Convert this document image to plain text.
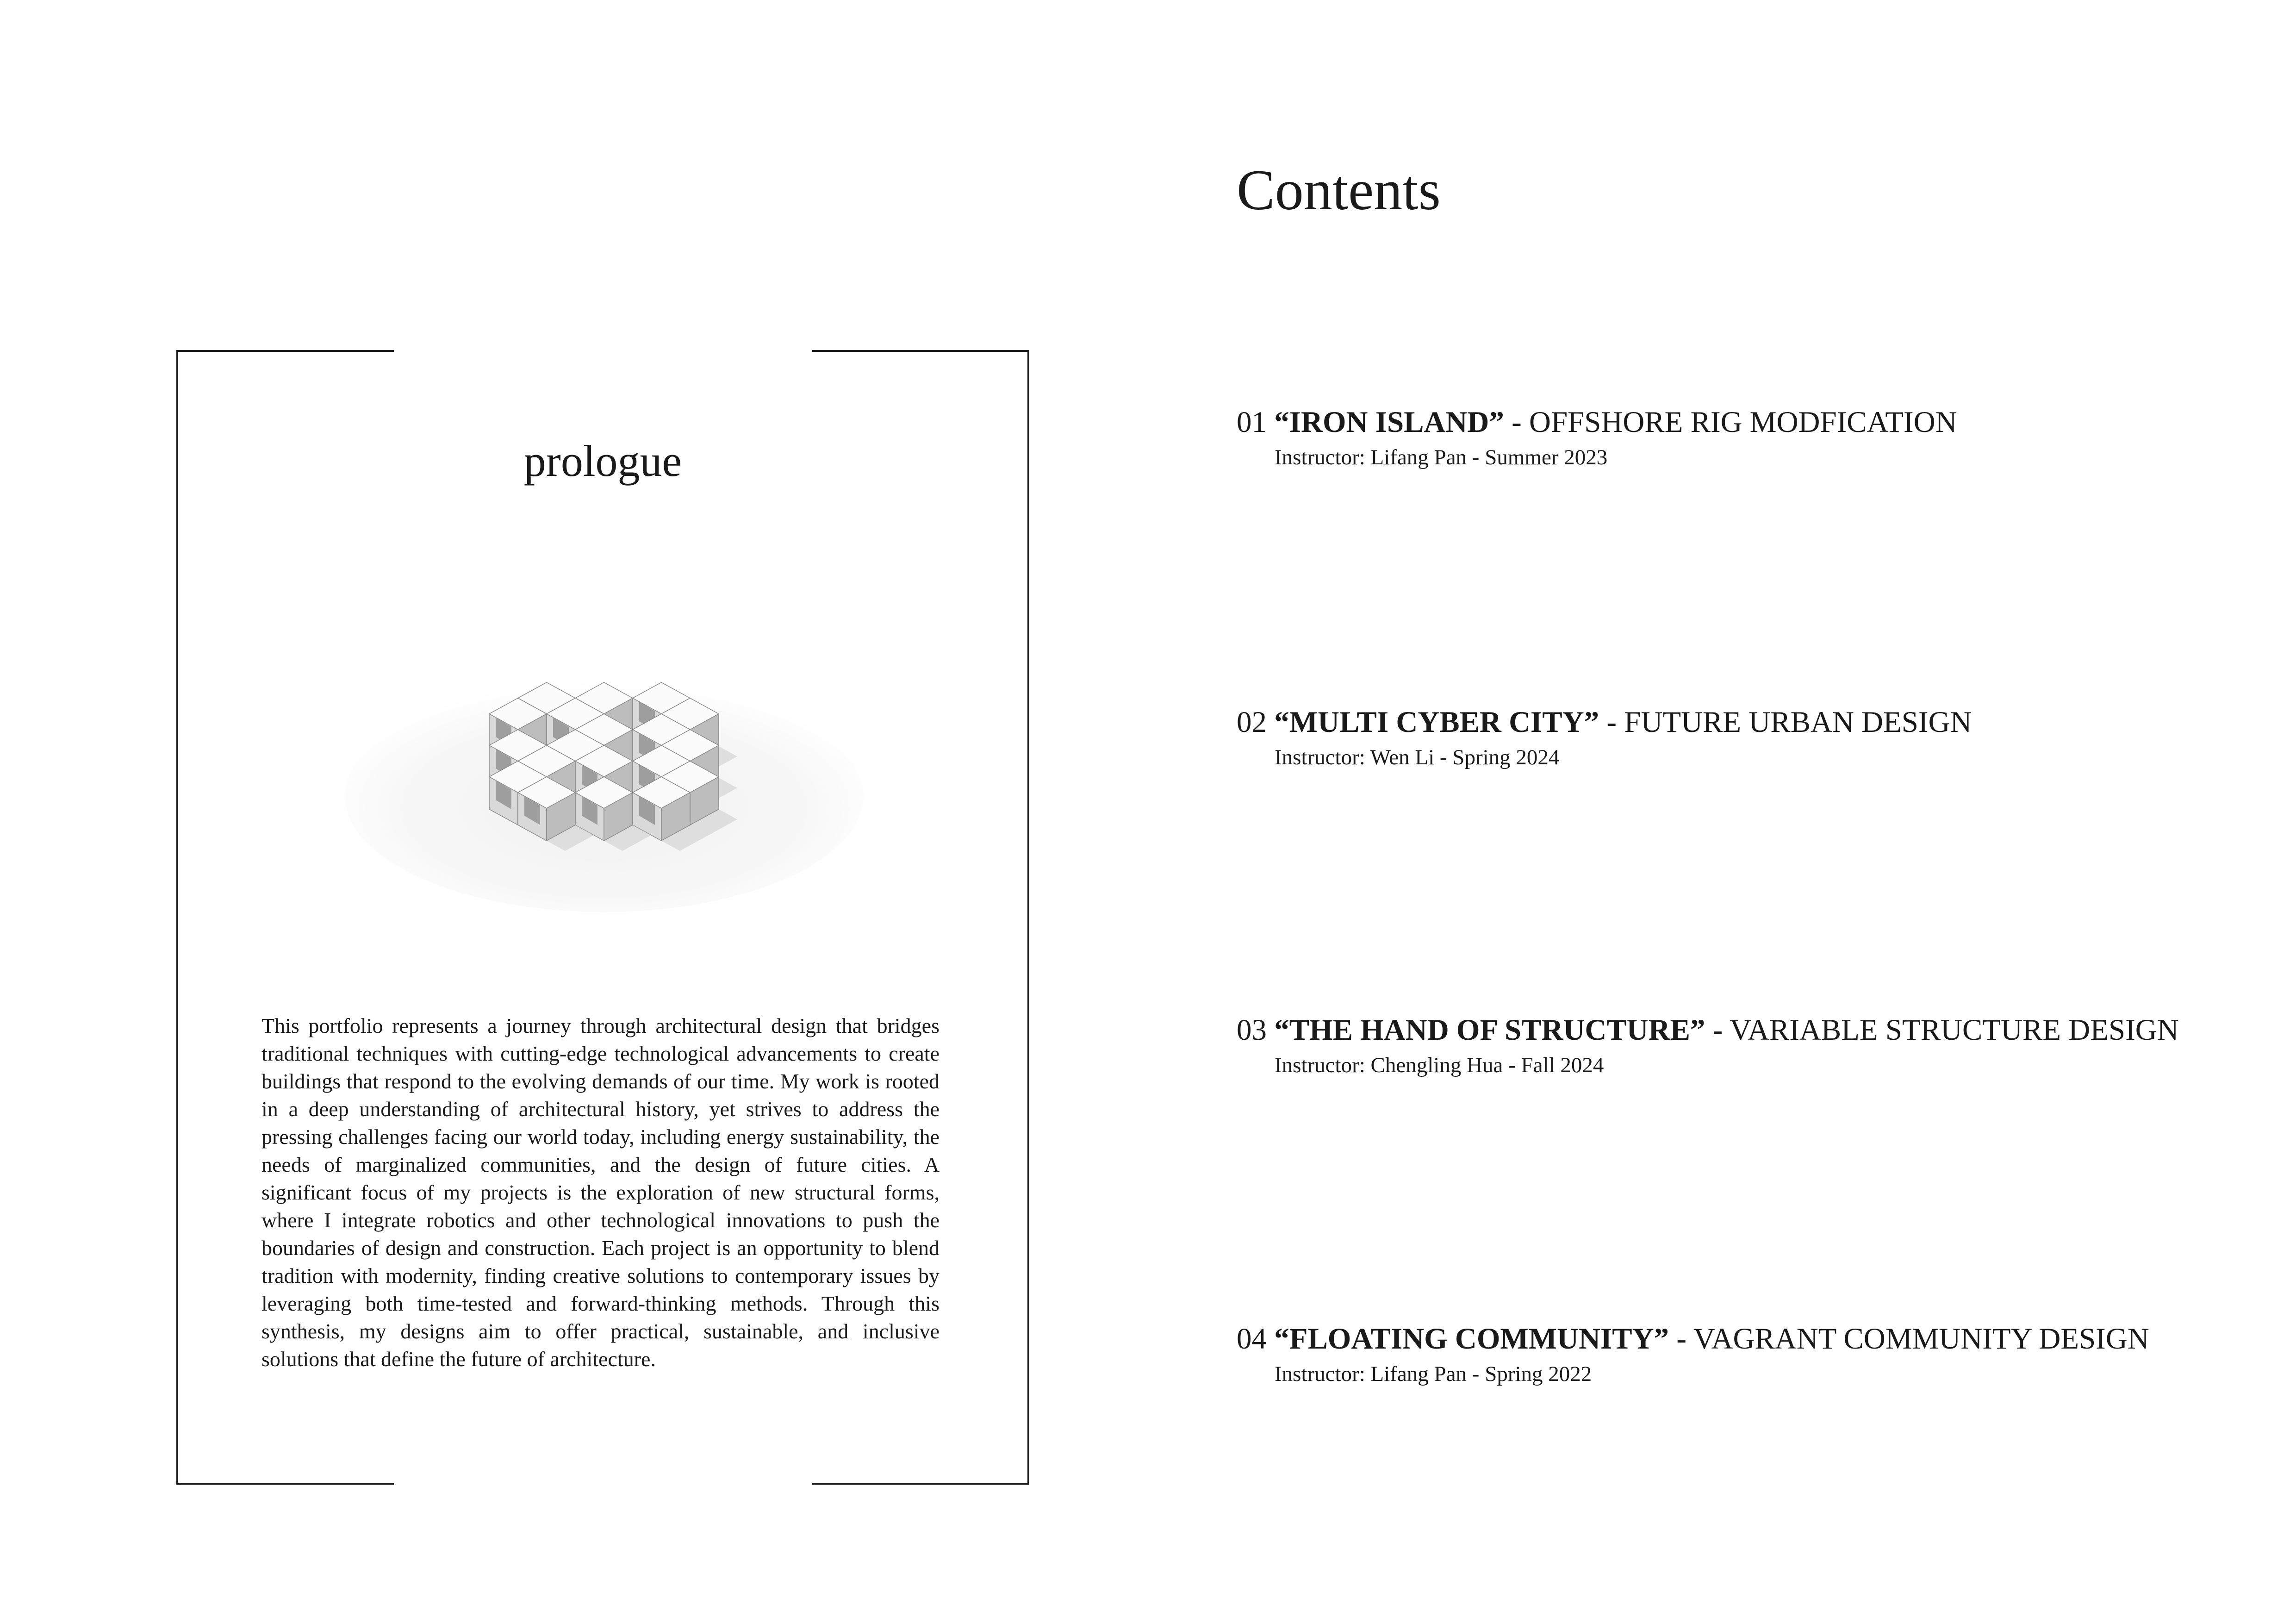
prologue

This portfolio represents a journey through architectural design that bridges traditional techniques with cutting-edge technological advancements to create buildings that respond to the evolving demands of our time. My work is rooted in a deep understanding of architectural history, yet strives to address the pressing challenges facing our world today, including energy sustainability, the needs of marginalized communities, and the design of future cities. A significant focus of my projects is the exploration of new structural forms, where I integrate robotics and other technological innovations to push the boundaries of design and construction. Each project is an opportunity to blend tradition with modernity, finding creative solutions to contemporary issues by leveraging both time-tested and forward-thinking methods. Through this synthesis, my designs aim to offer practical, sustainable, and inclusive solutions that define the future of architecture.

Contents
01 “IRON ISLAND” - OFFSHORE RIG MODFICATION
Instructor: Lifang Pan - Summer 2023
02 “MULTI CYBER CITY” - FUTURE URBAN DESIGN
Instructor: Wen Li - Spring 2024
03 “THE HAND OF STRUCTURE” - VARIABLE STRUCTURE DESIGN
Instructor: Chengling Hua - Fall 2024
04 “FLOATING COMMUNITY” - VAGRANT COMMUNITY DESIGN
Instructor: Lifang Pan - Spring 2022
